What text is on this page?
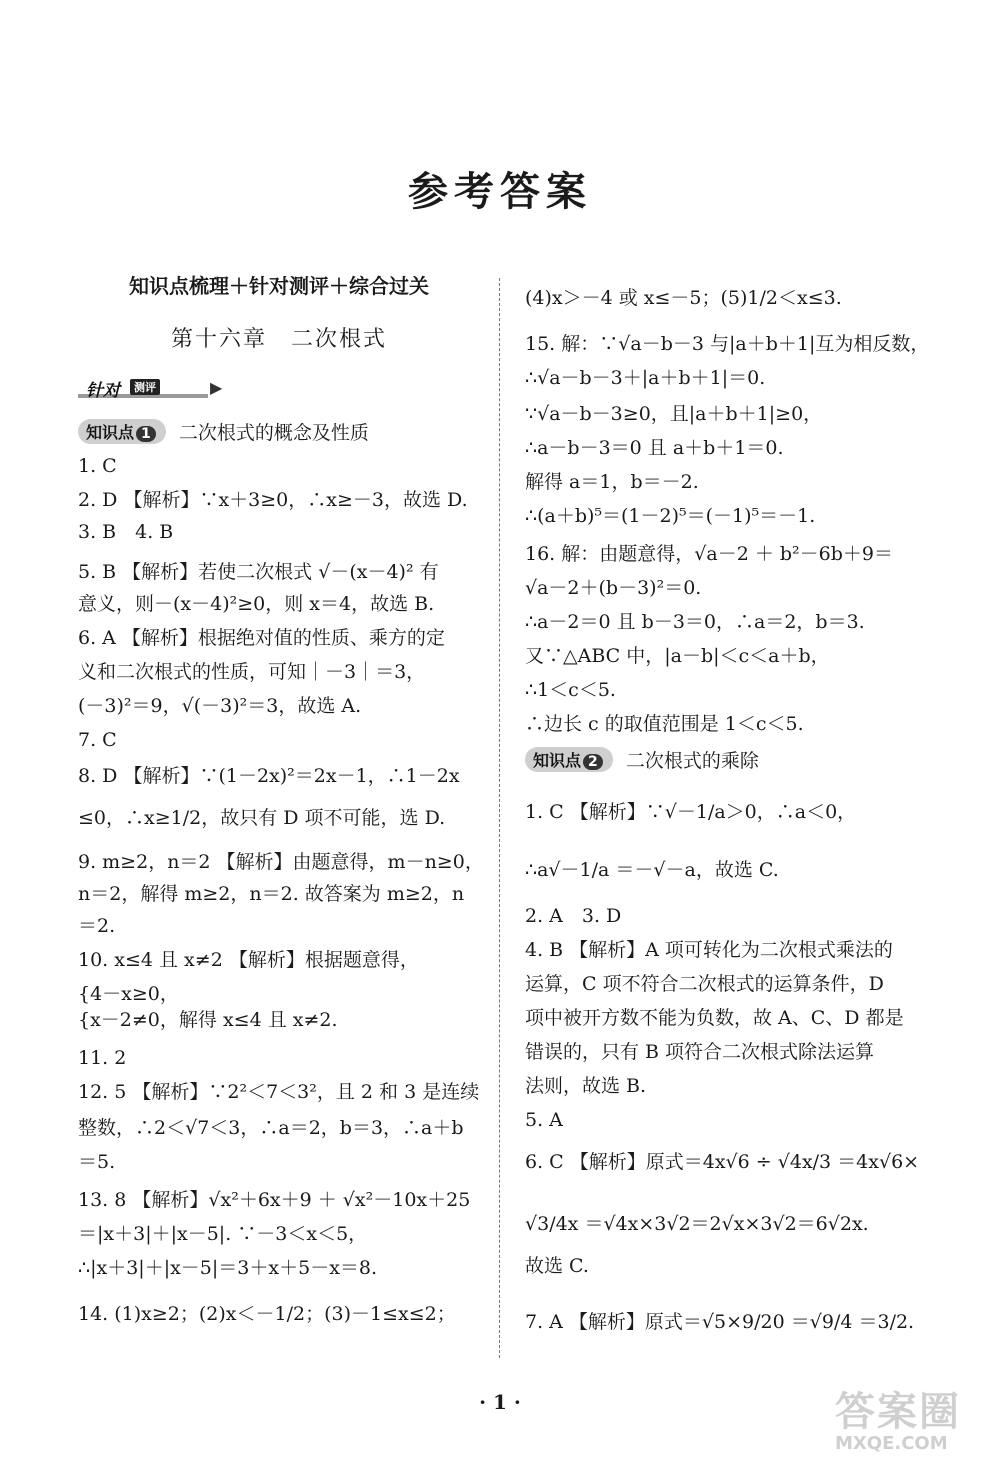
参考答案
知识点梳理＋针对测评＋综合过关
第十六章　二次根式
针对	测评	▶
知识点 1 二次根式的概念及性质
1. C
2. D 【解析】∵x＋3≥0，∴x≥－3，故选 D.
3. B　4. B
5. B 【解析】若使二次根式 √－(x－4)² 有
意义，则－(x－4)²≥0，则 x＝4，故选 B.
6. A 【解析】根据绝对值的性质、乘方的定
义和二次根式的性质，可知｜－3｜＝3，
(－3)²＝9，√(－3)²＝3，故选 A.
7. C
8. D 【解析】∵(1－2x)²＝2x－1，∴1－2x
≤0，∴x≥1/2，故只有 D 项不可能，选 D.
9. m≥2，n＝2 【解析】由题意得，m－n≥0，
n＝2，解得 m≥2，n＝2. 故答案为 m≥2，n
＝2.
10. x≤4 且 x≠2 【解析】根据题意得，
{4－x≥0，
{x－2≠0，解得 x≤4 且 x≠2.
11. 2
12. 5 【解析】∵2²＜7＜3²，且 2 和 3 是连续
整数，∴2＜√7＜3，∴a＝2，b＝3，∴a＋b
＝5.
13. 8 【解析】√x²＋6x＋9 ＋ √x²－10x＋25
＝|x＋3|＋|x－5|. ∵－3＜x＜5，
∴|x＋3|＋|x－5|＝3＋x＋5－x＝8.
14. (1)x≥2；(2)x＜－1/2；(3)－1≤x≤2；
(4)x＞－4 或 x≤－5；(5)1/2＜x≤3.
15. 解：∵√a－b－3 与|a＋b＋1|互为相反数，
∴√a－b－3＋|a＋b＋1|＝0.
∵√a－b－3≥0，且|a＋b＋1|≥0，
∴a－b－3＝0 且 a＋b＋1＝0.
解得 a＝1，b＝－2.
∴(a＋b)⁵＝(1－2)⁵＝(－1)⁵＝－1.
16. 解：由题意得，√a－2 ＋ b²－6b＋9＝
√a－2＋(b－3)²＝0.
∴a－2＝0 且 b－3＝0，∴a＝2，b＝3.
又∵△ABC 中，|a－b|＜c＜a＋b，
∴1＜c＜5.
∴边长 c 的取值范围是 1＜c＜5.
知识点 2 二次根式的乘除
1. C 【解析】∵√－1/a＞0，∴a＜0，
∴a√－1/a ＝－√－a，故选 C.
2. A　3. D
4. B 【解析】A 项可转化为二次根式乘法的
运算，C 项不符合二次根式的运算条件，D
项中被开方数不能为负数，故 A、C、D 都是
错误的，只有 B 项符合二次根式除法运算
法则，故选 B.
5. A
6. C 【解析】原式＝4x√6 ÷ √4x/3 ＝4x√6×
√3/4x ＝√4x×3√2＝2√x×3√2＝6√2x.
故选 C.
7. A 【解析】原式＝√5×9/20 ＝√9/4 ＝3/2.
· 1 ·	答案圈
MXQE.COM
